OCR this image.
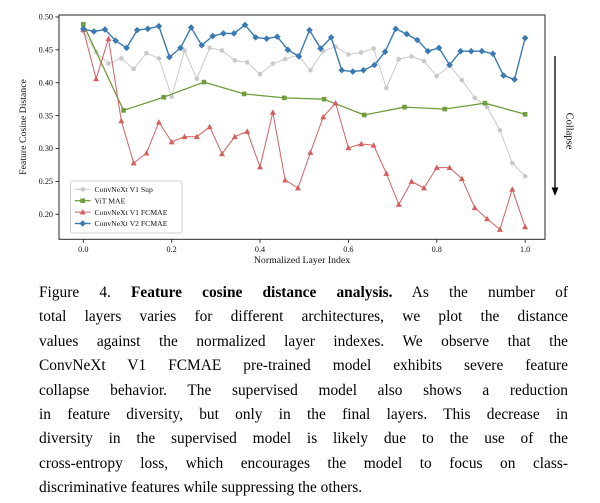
0.20
0.25
0.30
0.35
0.40
0.45
0.50
0.0	0.2	0.4	0.6	0.8	1.0
Feature Cosine Distance
Normalized Layer Index
ConvNeXt V1 Sup
ViT MAE
ConvNeXt V1 FCMAE
ConvNeXt V2 FCMAE
Collapse
Figure 4. Feature cosine distance analysis. As the number of
total layers varies for different architectures, we plot the distance
values against the normalized layer indexes. We observe that the
ConvNeXt V1 FCMAE pre-trained model exhibits severe feature
collapse behavior. The supervised model also shows a reduction
in feature diversity, but only in the final layers. This decrease in
diversity in the supervised model is likely due to the use of the
cross-entropy loss, which encourages the model to focus on class-
discriminative features while suppressing the others.
